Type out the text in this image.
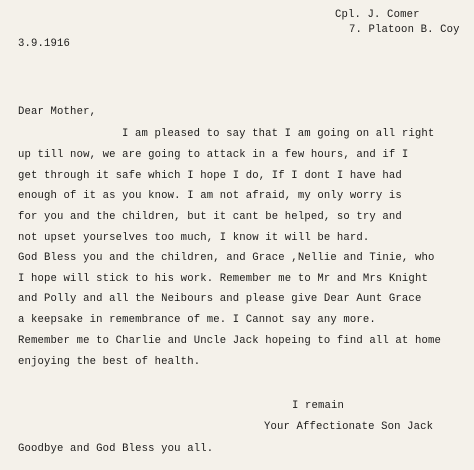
Cpl. J. Comer
7. Platoon B. Coy
3.9.1916
Dear Mother,
I am pleased to say that I am going on all right
up till now, we are going to attack in a few hours, and if I
get through it safe which I hope I do, If I dont I have had
enough of it as you know. I am not afraid, my only worry is
for you and the children, but it cant be helped, so try and
not upset yourselves too much, I know it will be hard.
God Bless you and the children, and Grace ,Nellie and Tinie, who
I hope will stick to his work. Remember me to Mr and Mrs Knight
and Polly and all the Neibours and please give Dear Aunt Grace
a keepsake in remembrance of me. I Cannot say any more.
Remember me to Charlie and Uncle Jack hopeing to find all at home
enjoying the best of health.
I remain
Your Affectionate Son Jack
Goodbye and God Bless you all.
